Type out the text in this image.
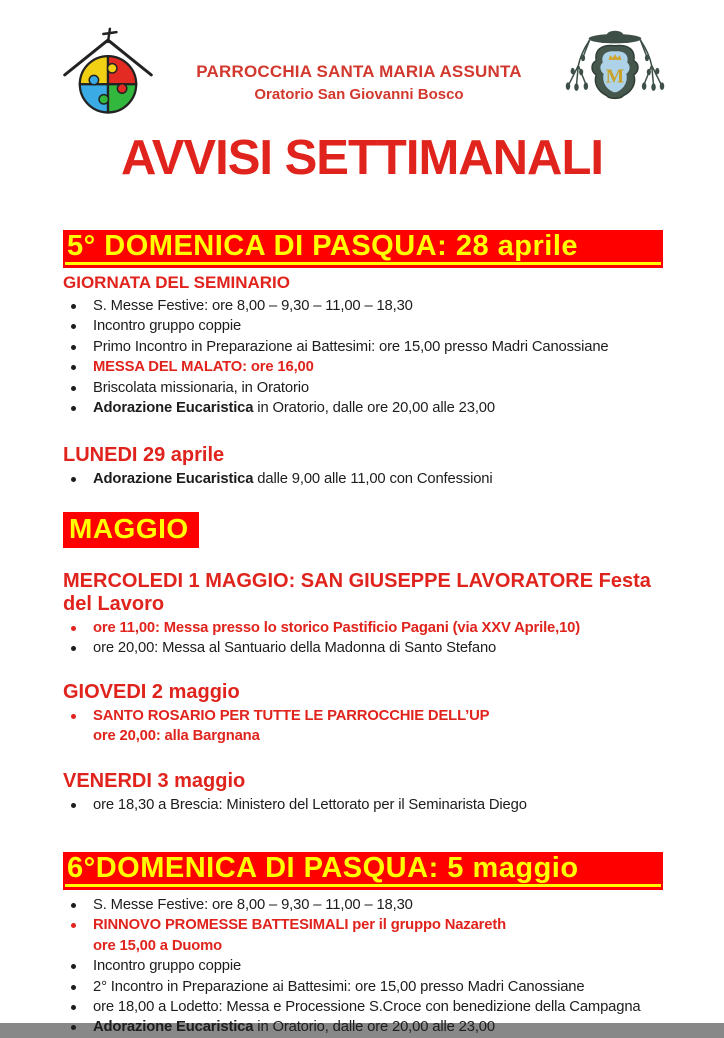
PARROCCHIA SANTA MARIA ASSUNTA
Oratorio San Giovanni Bosco
M
AVVISI SETTIMANALI
5° DOMENICA DI PASQUA: 28 aprile
GIORNATA DEL SEMINARIO
S. Messe Festive: ore 8,00 – 9,30 – 11,00 – 18,30
Incontro gruppo coppie
Primo Incontro in Preparazione ai Battesimi: ore 15,00 presso Madri Canossiane
MESSA DEL MALATO: ore 16,00
Briscolata missionaria, in Oratorio
Adorazione Eucaristica in Oratorio, dalle ore 20,00 alle 23,00
LUNEDI 29 aprile
Adorazione Eucaristica dalle 9,00 alle 11,00 con Confessioni
MAGGIO
MERCOLEDI 1 MAGGIO: SAN GIUSEPPE LAVORATORE Festa del Lavoro
ore 11,00: Messa presso lo storico Pastificio Pagani (via XXV Aprile,10)
ore 20,00: Messa al Santuario della Madonna di Santo Stefano
GIOVEDI 2 maggio
SANTO ROSARIO PER TUTTE LE PARROCCHIE DELL’UP
ore 20,00: alla Bargnana
VENERDI 3 maggio
ore 18,30 a Brescia: Ministero del Lettorato per il Seminarista Diego
6°DOMENICA DI PASQUA: 5 maggio
S. Messe Festive: ore 8,00 – 9,30 – 11,00 – 18,30
RINNOVO PROMESSE BATTESIMALI per il gruppo Nazareth
ore 15,00 a Duomo
Incontro gruppo coppie
2° Incontro in Preparazione ai Battesimi: ore 15,00 presso Madri Canossiane
ore 18,00 a Lodetto: Messa e Processione S.Croce con benedizione della Campagna
Adorazione Eucaristica in Oratorio, dalle ore 20,00 alle 23,00
